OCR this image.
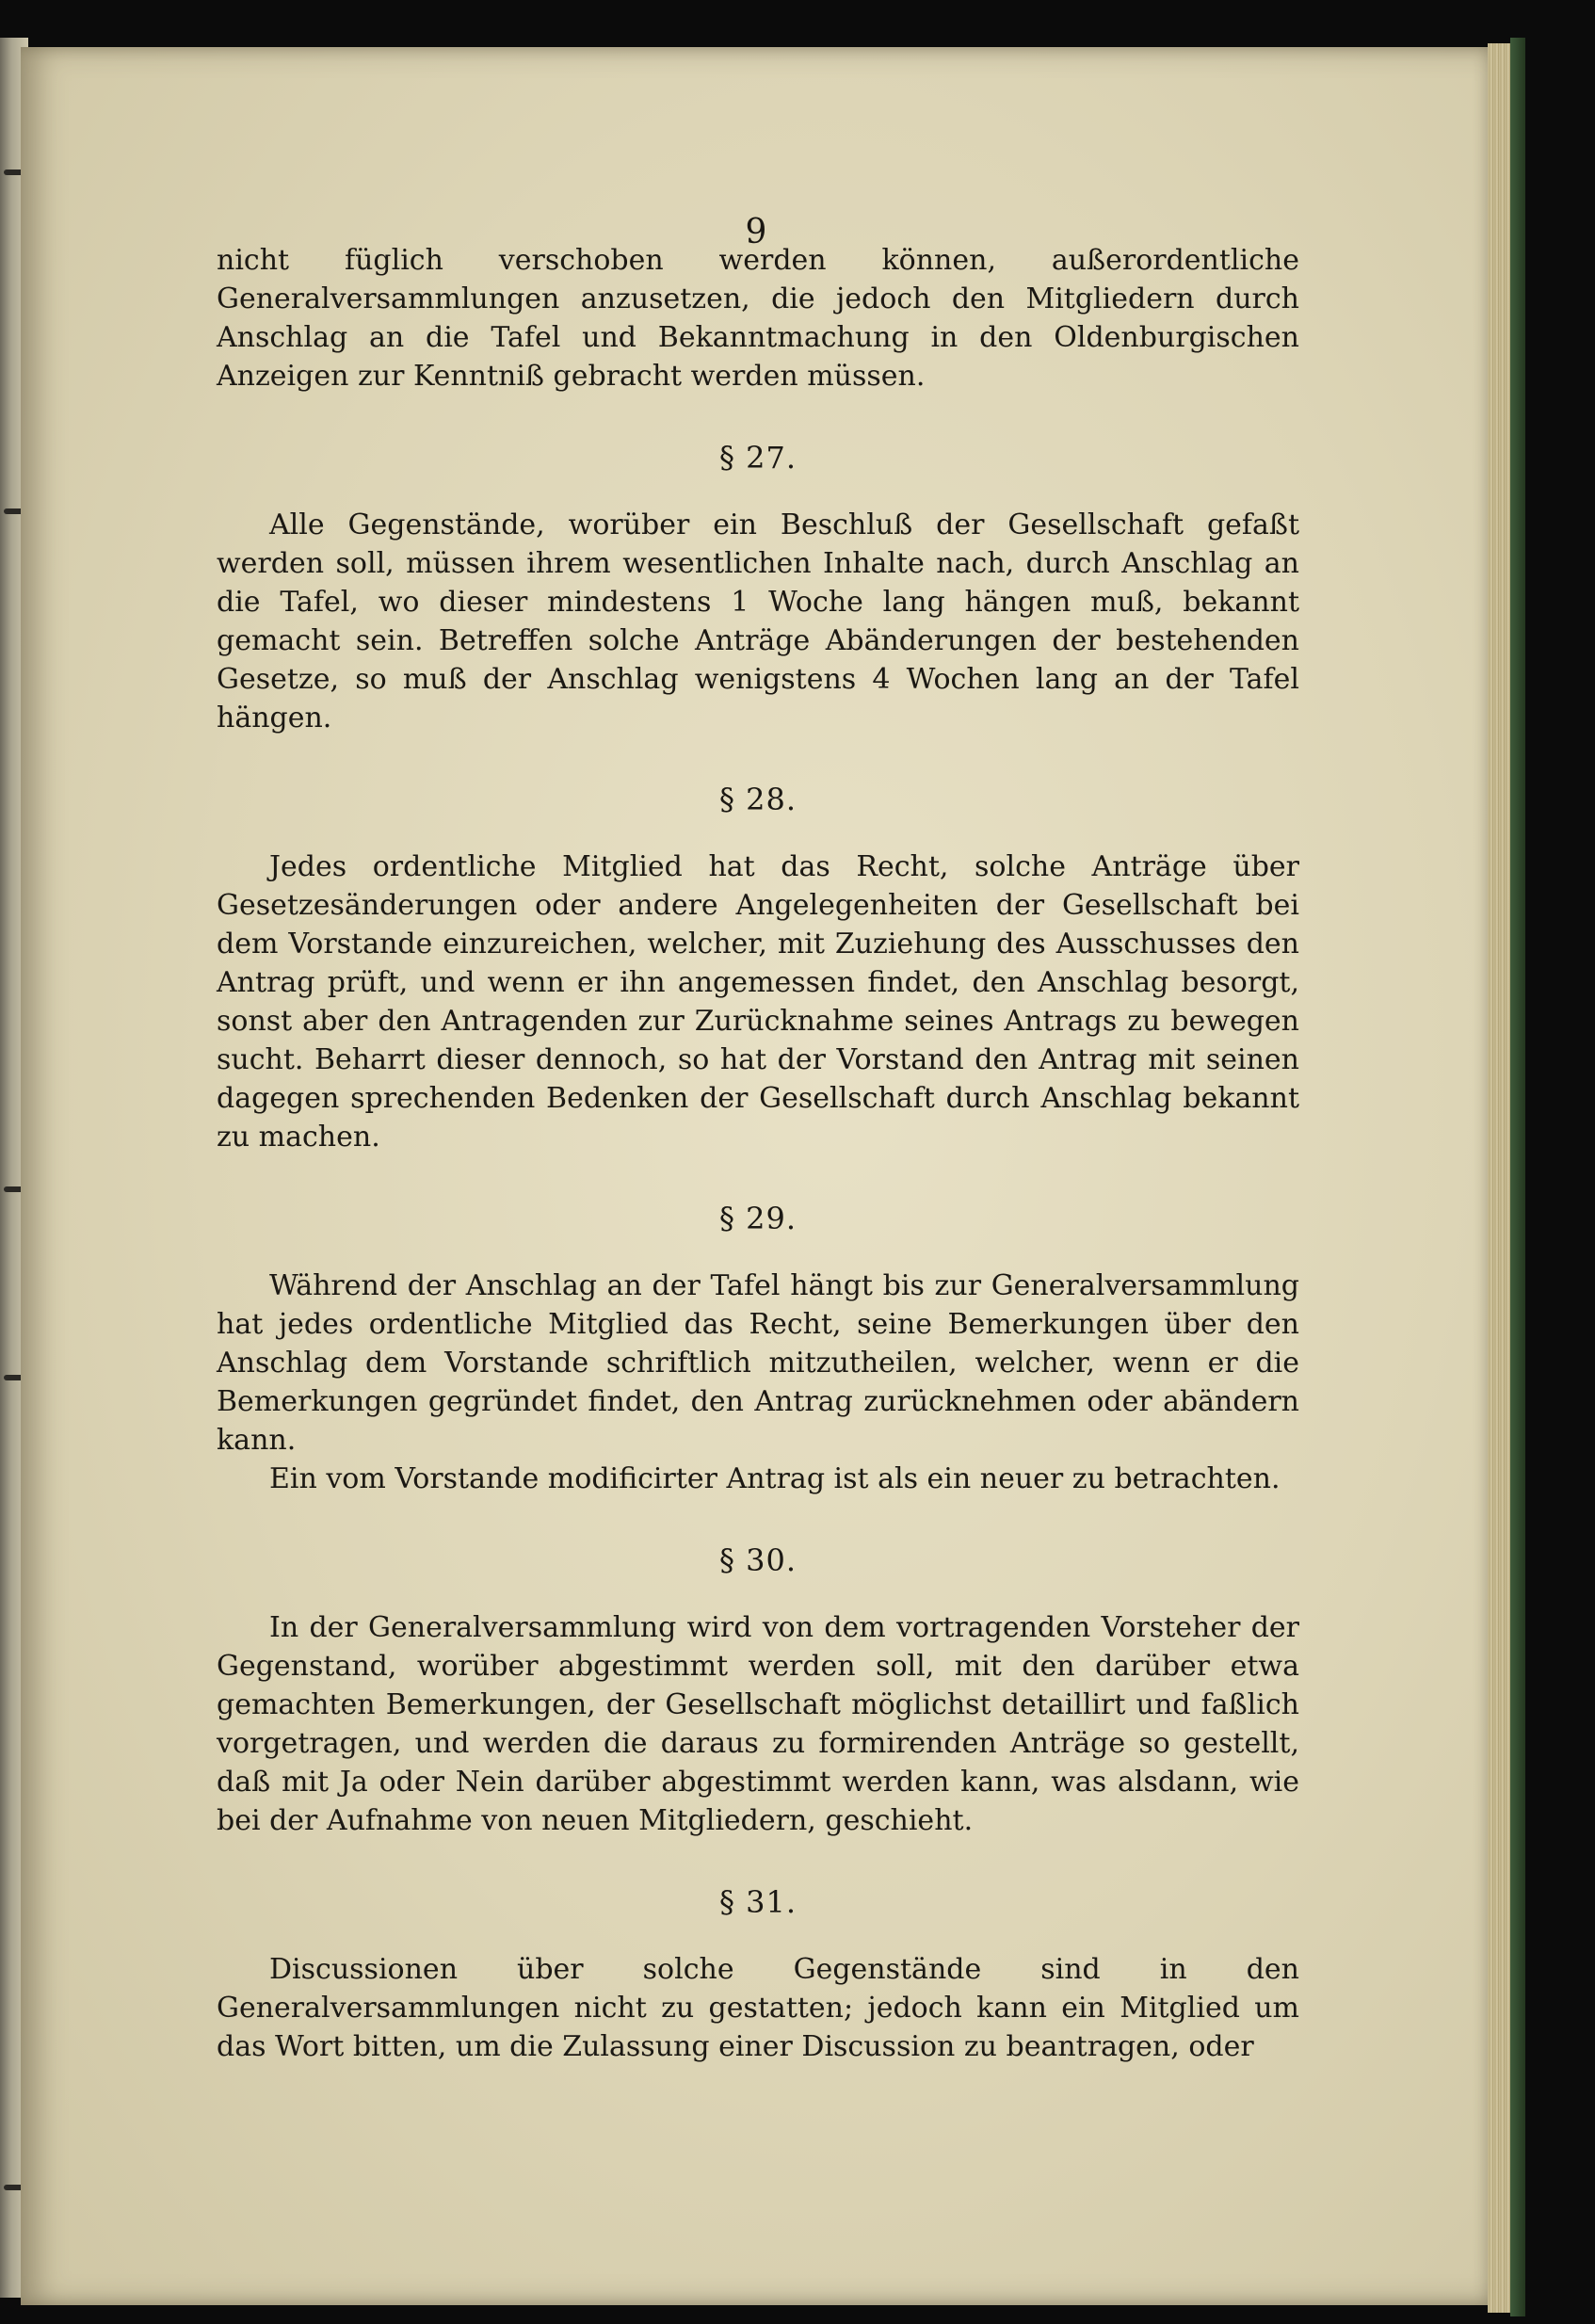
9

nicht füglich verschoben werden können, außerordentliche Generalversammlungen anzusetzen, die jedoch den Mitgliedern durch Anschlag an die Tafel und Bekanntmachung in den Oldenburgischen Anzeigen zur Kenntniß gebracht werden müssen.

§ 27.

Alle Gegenstände, worüber ein Beschluß der Gesellschaft gefaßt werden soll, müssen ihrem wesentlichen Inhalte nach, durch Anschlag an die Tafel, wo dieser mindestens 1 Woche lang hängen muß, bekannt gemacht sein. Betreffen solche Anträge Abänderungen der bestehenden Gesetze, so muß der Anschlag wenigstens 4 Wochen lang an der Tafel hängen.

§ 28.

Jedes ordentliche Mitglied hat das Recht, solche Anträge über Gesetzesänderungen oder andere Angelegenheiten der Gesellschaft bei dem Vorstande einzureichen, welcher, mit Zuziehung des Ausschusses den Antrag prüft, und wenn er ihn angemessen findet, den Anschlag besorgt, sonst aber den Antragenden zur Zurücknahme seines Antrags zu bewegen sucht. Beharrt dieser dennoch, so hat der Vorstand den Antrag mit seinen dagegen sprechenden Bedenken der Gesellschaft durch Anschlag bekannt zu machen.

§ 29.

Während der Anschlag an der Tafel hängt bis zur Generalversammlung hat jedes ordentliche Mitglied das Recht, seine Bemerkungen über den Anschlag dem Vorstande schriftlich mitzutheilen, welcher, wenn er die Bemerkungen gegründet findet, den Antrag zurücknehmen oder abändern kann.

Ein vom Vorstande modificirter Antrag ist als ein neuer zu betrachten.

§ 30.

In der Generalversammlung wird von dem vortragenden Vorsteher der Gegenstand, worüber abgestimmt werden soll, mit den darüber etwa gemachten Bemerkungen, der Gesellschaft möglichst detaillirt und faßlich vorgetragen, und werden die daraus zu formirenden Anträge so gestellt, daß mit Ja oder Nein darüber abgestimmt werden kann, was alsdann, wie bei der Aufnahme von neuen Mitgliedern, geschieht.

§ 31.

Discussionen über solche Gegenstände sind in den Generalversammlungen nicht zu gestatten; jedoch kann ein Mitglied um das Wort bitten, um die Zulassung einer Discussion zu beantragen, oder
